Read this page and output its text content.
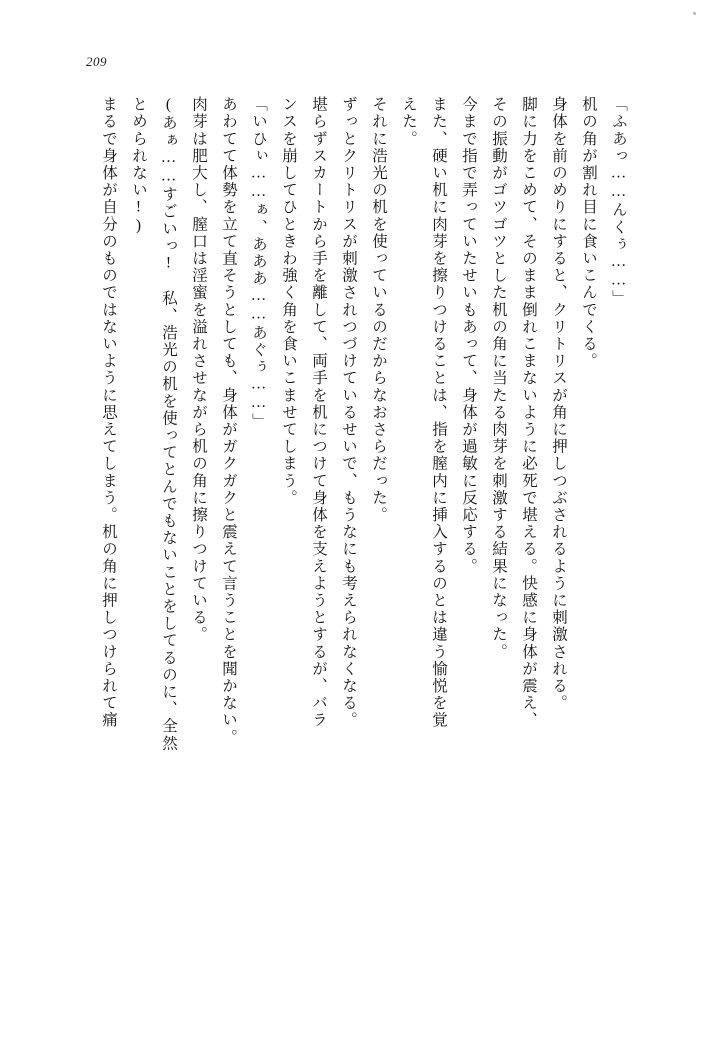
209
「ふあっ……んくぅ……」
机の角が割れ目に食いこんでくる。
身体を前のめりにすると、クリトリスが角に押しつぶされるように刺激される。
脚に力をこめて、そのまま倒れこまないように必死で堪える。快感に身体が震え、
その振動がゴツゴツとした机の角に当たる肉芽を刺激する結果になった。
今まで指で弄っていたせいもあって、身体が過敏に反応する。
また、硬い机に肉芽を擦りつけることは、指を膣内に挿入するのとは違う愉悦を覚
えた。
それに浩光の机を使っているのだからなおさらだった。
ずっとクリトリスが刺激されつづけているせいで、もうなにも考えられなくなる。
堪らずスカートから手を離して、両手を机につけて身体を支えようとするが、バラ
ンスを崩してひときわ強く角を食いこませてしまう。
「いひぃ……ぁ、あああ……あぐぅ……」
あわてて体勢を立て直そうとしても、身体がガクガクと震えて言うことを聞かない。
肉芽は肥大し、膣口は淫蜜を溢れさせながら机の角に擦りつけている。
(あぁ……すごいっ!　私、浩光の机を使ってとんでもないことをしてるのに、全然
とめられない!)
まるで身体が自分のものではないように思えてしまう。机の角に押しつけられて痛
